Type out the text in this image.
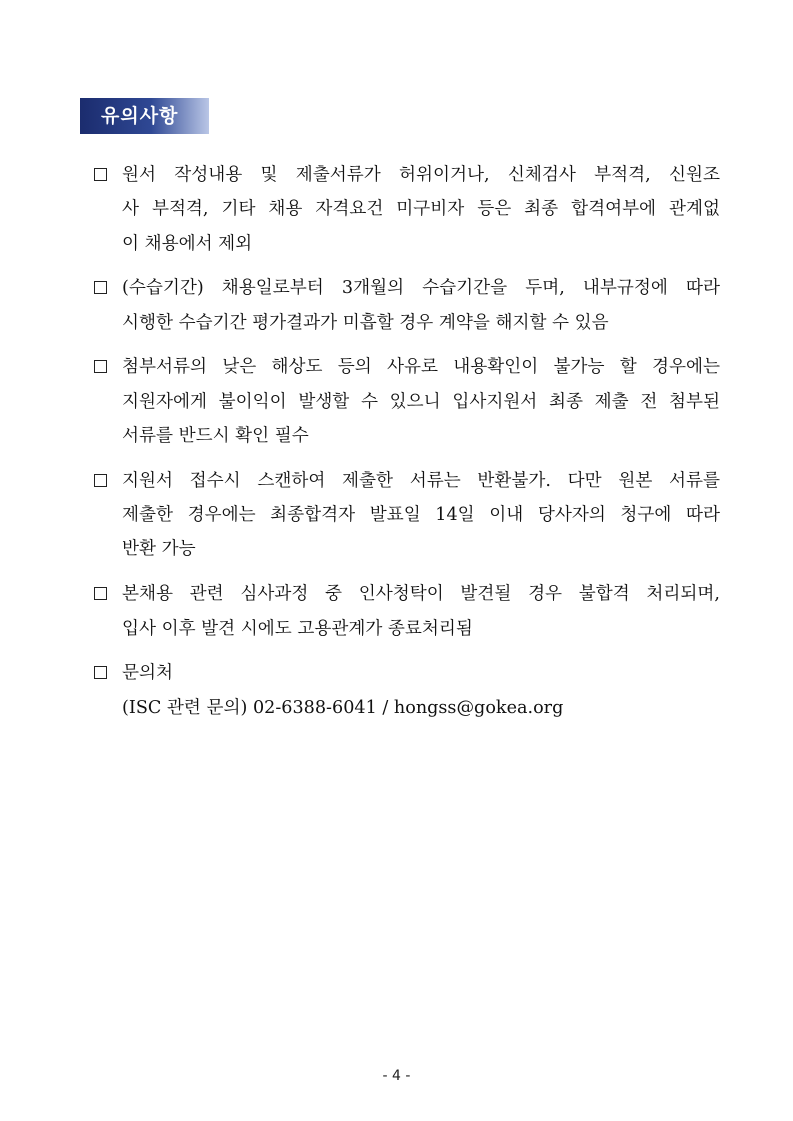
유의사항
원서 작성내용 및 제출서류가 허위이거나, 신체검사 부적격, 신원조
사 부적격, 기타 채용 자격요건 미구비자 등은 최종 합격여부에 관계없
이 채용에서 제외
(수습기간) 채용일로부터 3개월의 수습기간을 두며, 내부규정에 따라
시행한 수습기간 평가결과가 미흡할 경우 계약을 해지할 수 있음
첨부서류의 낮은 해상도 등의 사유로 내용확인이 불가능 할 경우에는
지원자에게 불이익이 발생할 수 있으니 입사지원서 최종 제출 전 첨부된
서류를 반드시 확인 필수
지원서 접수시 스캔하여 제출한 서류는 반환불가. 다만 원본 서류를
제출한 경우에는 최종합격자 발표일 14일 이내 당사자의 청구에 따라
반환 가능
본채용 관련 심사과정 중 인사청탁이 발견될 경우 불합격 처리되며,
입사 이후 발견 시에도 고용관계가 종료처리됨
문의처
(ISC 관련 문의) 02-6388-6041 / hongss@gokea.org
- 4 -
